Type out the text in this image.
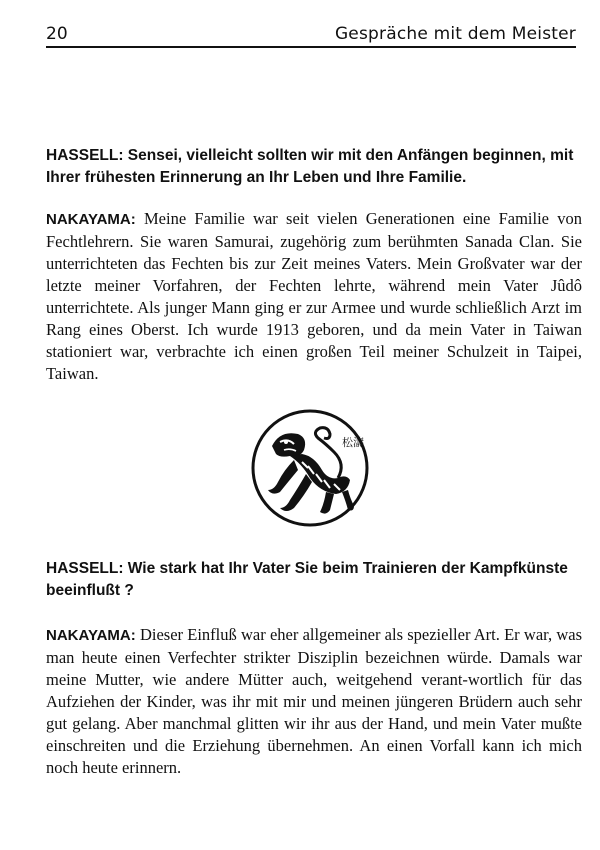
20	Gespräche mit dem Meister

HASSELL: Sensei, vielleicht sollten wir mit den Anfängen beginnen, mit Ihrer frühesten Erinnerung an Ihr Leben und Ihre Familie.

NAKAYAMA: Meine Familie war seit vielen Generationen eine Familie von Fechtlehrern. Sie waren Samurai, zugehörig zum berühmten Sanada Clan. Sie unterrichteten das Fechten bis zur Zeit meines Vaters. Mein Großvater war der letzte meiner Vorfahren, der Fechten lehrte, während mein Vater Jûdô unterrichtete. Als junger Mann ging er zur Armee und wurde schließlich Arzt im Rang eines Oberst. Ich wurde 1913 geboren, und da mein Vater in Taiwan stationiert war, verbrachte ich einen großen Teil meiner Schulzeit in Taipei, Taiwan.

松濤

HASSELL: Wie stark hat Ihr Vater Sie beim Trainieren der Kampfkünste beeinflußt ?

NAKAYAMA: Dieser Einfluß war eher allgemeiner als spezieller Art. Er war, was man heute einen Verfechter strikter Disziplin bezeichnen würde. Damals war meine Mutter, wie andere Mütter auch, weitgehend verant-wortlich für das Aufziehen der Kinder, was ihr mit mir und meinen jüngeren Brüdern auch sehr gut gelang. Aber manchmal glitten wir ihr aus der Hand, und mein Vater mußte einschreiten und die Erziehung übernehmen. An einen Vorfall kann ich mich noch heute erinnern.
